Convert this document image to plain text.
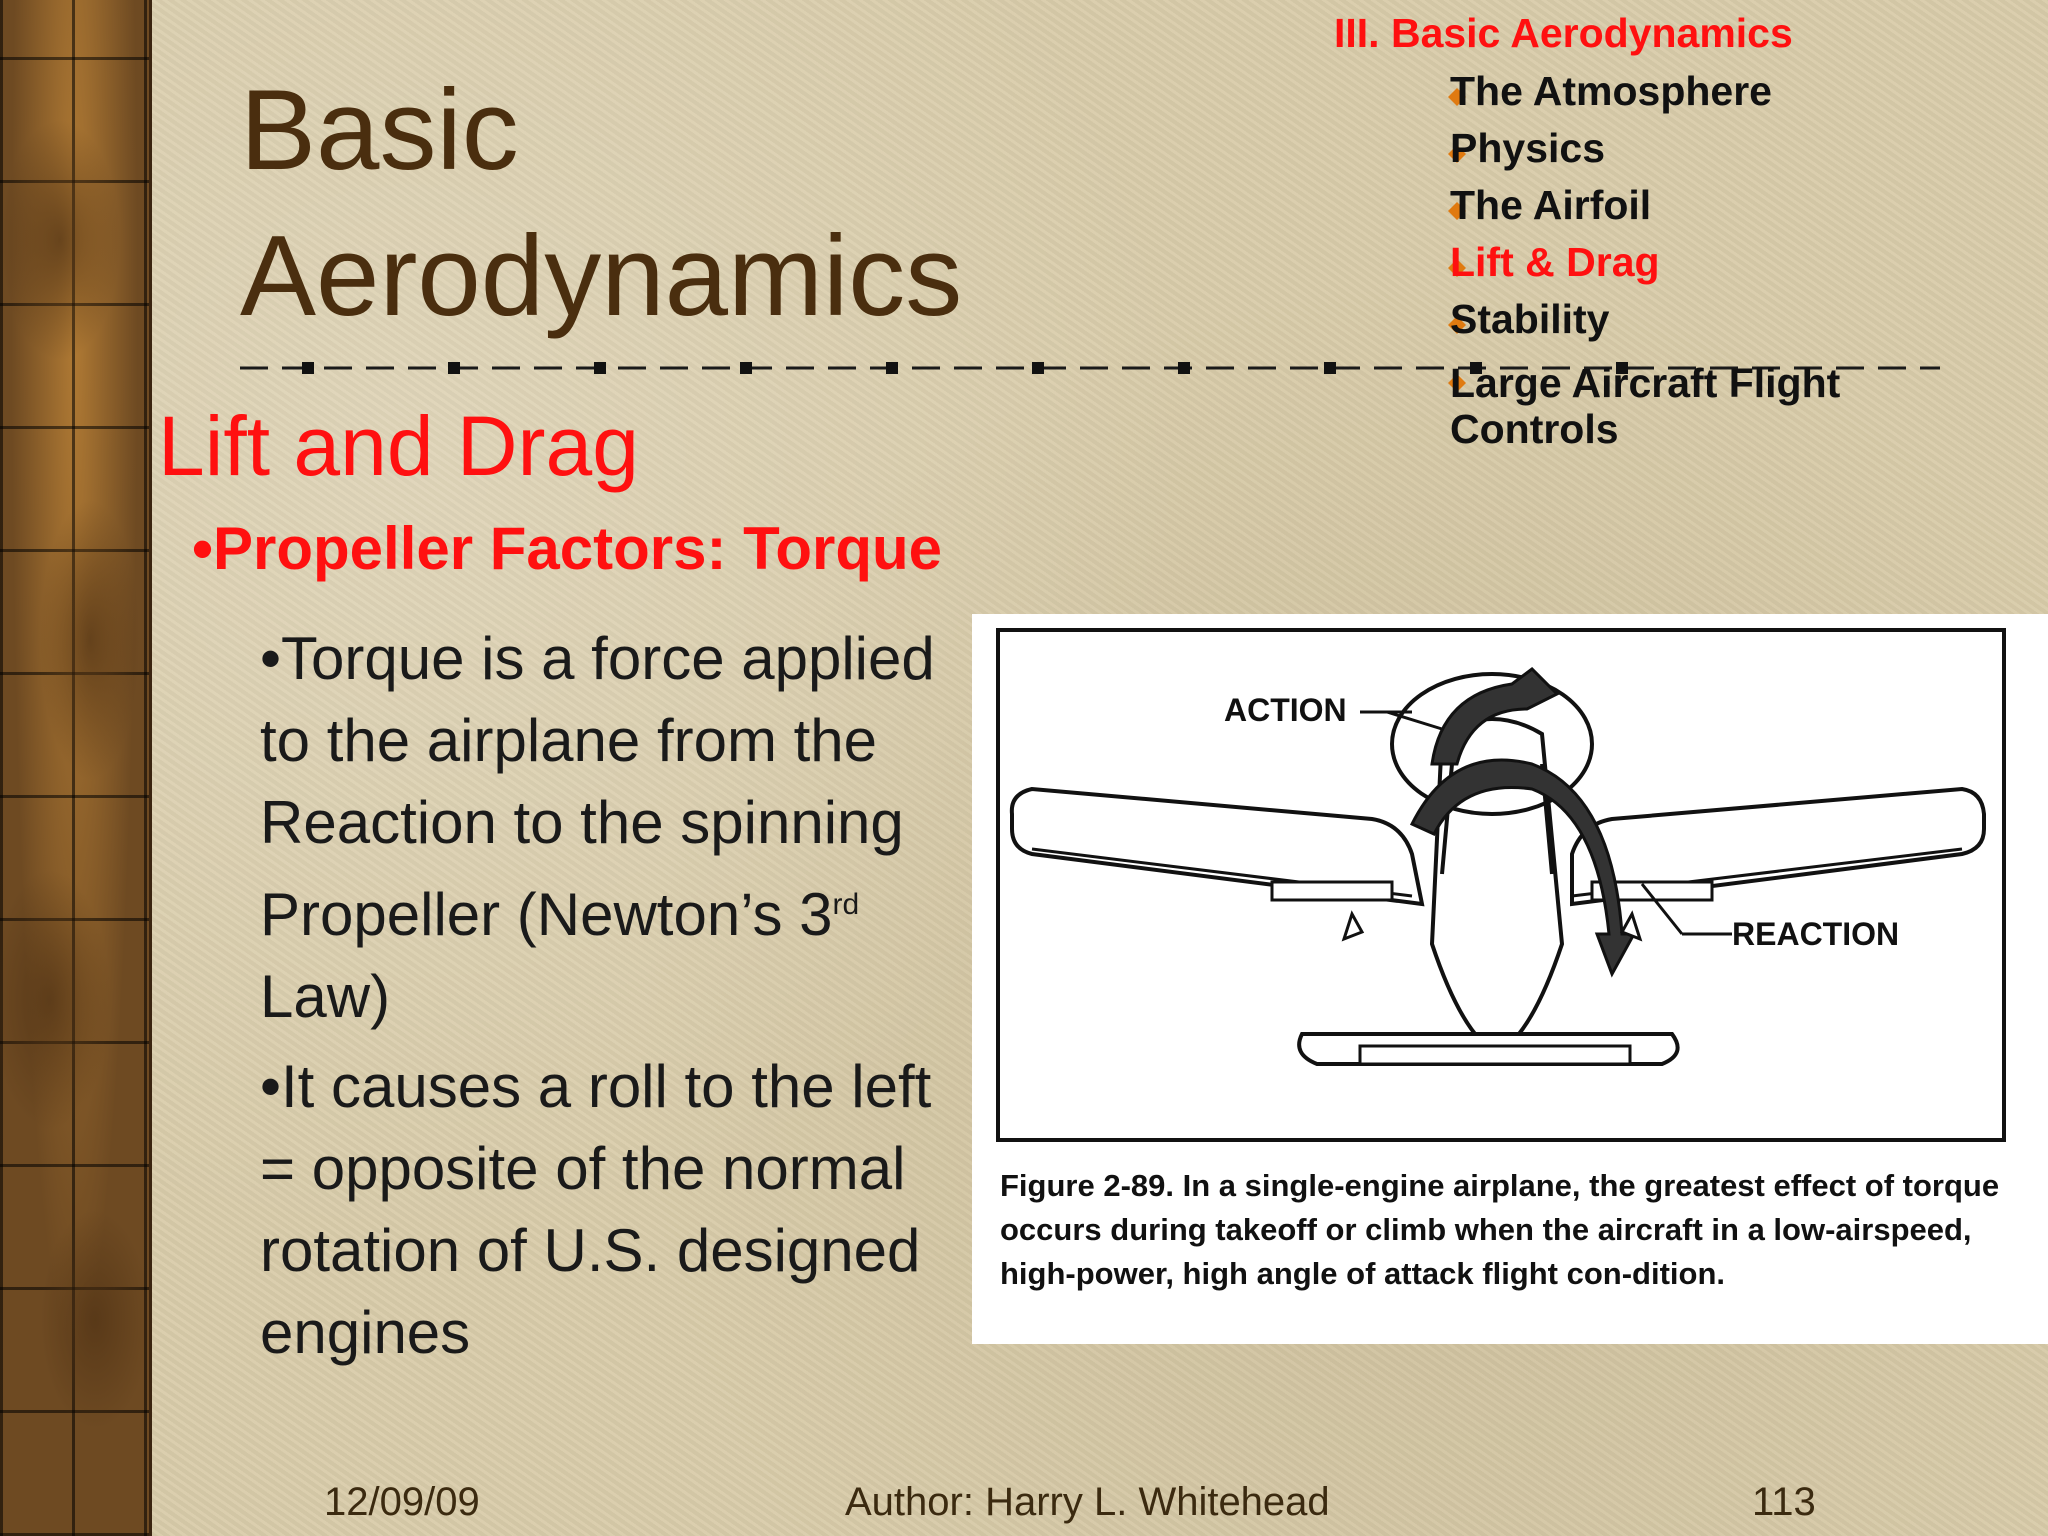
Basic
Aerodynamics
III. Basic Aerodynamics
The Atmosphere
Physics
The Airfoil
Lift & Drag
Stability
Large Aircraft Flight Controls
Lift and Drag
•Propeller Factors: Torque

•Torque is a force applied to the airplane from the Reaction to the spinning Propeller (Newton’s 3rd Law)

•It causes a roll to the left = opposite of the normal rotation of U.S. designed engines

ACTION
REACTION
Figure 2-89. In a single-engine airplane, the greatest effect of torque occurs during takeoff or climb when the aircraft in a low-airspeed, high-power, high angle of attack flight con-dition.
12/09/09	Author: Harry L. Whitehead	113
